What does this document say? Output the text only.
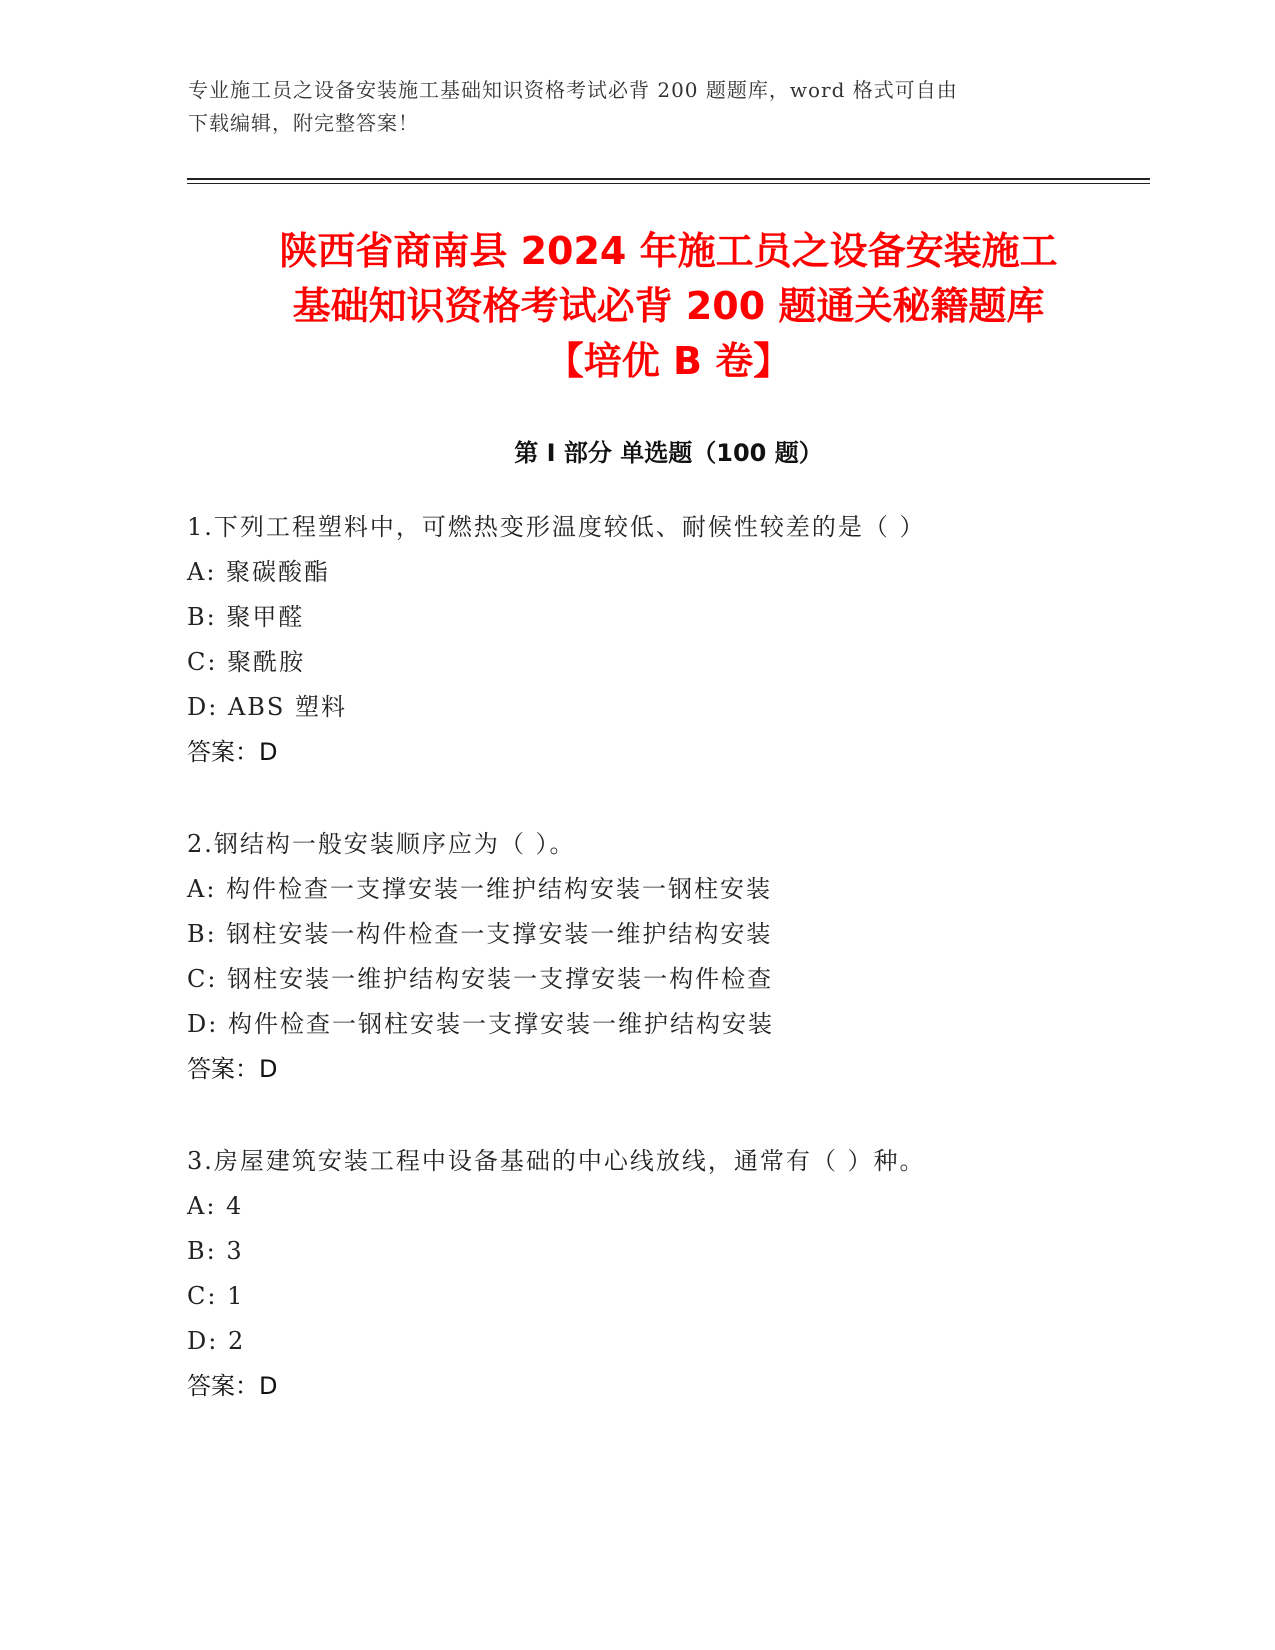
专业施工员之设备安装施工基础知识资格考试必背 200 题题库，word 格式可自由
下载编辑，附完整答案！
陕西省商南县 2024 年施工员之设备安装施工
基础知识资格考试必背 200 题通关秘籍题库
【培优 B 卷】
第 I 部分 单选题（100 题）
1.下列工程塑料中，可燃热变形温度较低、耐候性较差的是（ ）
A: 聚碳酸酯
B: 聚甲醛
C: 聚酰胺
D: ABS 塑料
答案：D
2.钢结构一般安装顺序应为（ ）。
A: 构件检查一支撑安装一维护结构安装一钢柱安装
B: 钢柱安装一构件检查一支撑安装一维护结构安装
C: 钢柱安装一维护结构安装一支撑安装一构件检查
D: 构件检查一钢柱安装一支撑安装一维护结构安装
答案：D
3.房屋建筑安装工程中设备基础的中心线放线，通常有（ ）种。
A: 4
B: 3
C: 1
D: 2
答案：D
